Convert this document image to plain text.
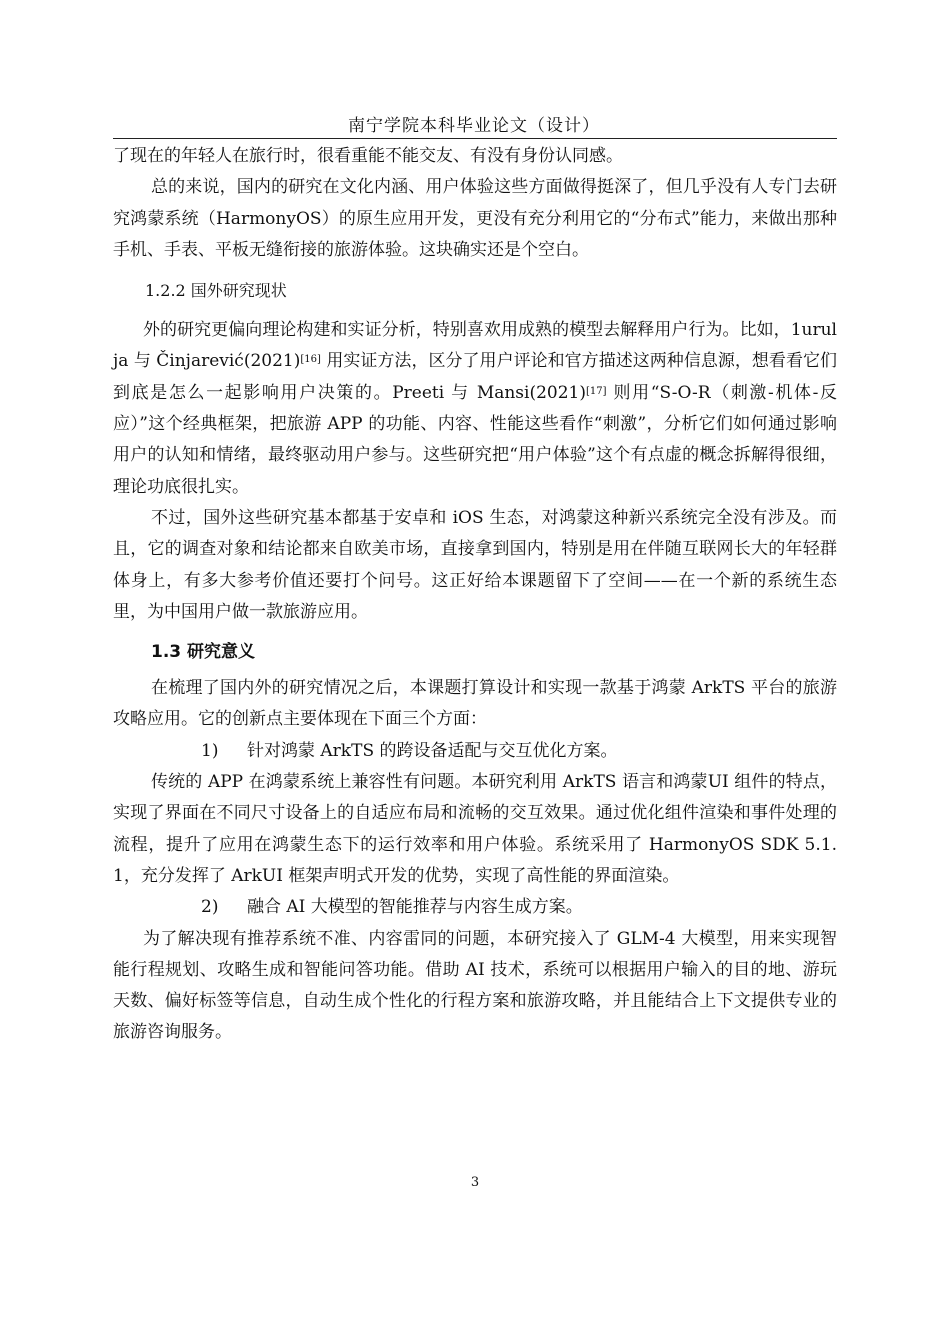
南宁学院本科毕业论文（设计）

了现在的年轻人在旅行时，很看重能不能交友、有没有身份认同感。

总的来说，国内的研究在文化内涵、用户体验这些方面做得挺深了，但几乎没有人专门去研究鸿蒙系统（HarmonyOS）的原生应用开发，更没有充分利用它的“分布式”能力，来做出那种手机、手表、平板无缝衔接的旅游体验。这块确实还是个空白。

1.2.2 国外研究现状

外的研究更偏向理论构建和实证分析，特别喜欢用成熟的模型去解释用户行为。比如，1urulja 与 Činjarević(2021)[16] 用实证方法，区分了用户评论和官方描述这两种信息源，想看看它们到底是怎么一起影响用户决策的。Preeti 与 Mansi(2021)[17] 则用“S-O-R（刺激-机体-反应）”这个经典框架，把旅游 APP 的功能、内容、性能这些看作“刺激”，分析它们如何通过影响用户的认知和情绪，最终驱动用户参与。这些研究把“用户体验”这个有点虚的概念拆解得很细，理论功底很扎实。

不过，国外这些研究基本都基于安卓和 iOS 生态，对鸿蒙这种新兴系统完全没有涉及。而且，它的调查对象和结论都来自欧美市场，直接拿到国内，特别是用在伴随互联网长大的年轻群体身上，有多大参考价值还要打个问号。这正好给本课题留下了空间——在一个新的系统生态里，为中国用户做一款旅游应用。

1.3 研究意义

在梳理了国内外的研究情况之后，本课题打算设计和实现一款基于鸿蒙 ArkTS 平台的旅游攻略应用。它的创新点主要体现在下面三个方面：

1) 针对鸿蒙 ArkTS 的跨设备适配与交互优化方案。

传统的 APP 在鸿蒙系统上兼容性有问题。本研究利用 ArkTS 语言和鸿蒙UI 组件的特点，实现了界面在不同尺寸设备上的自适应布局和流畅的交互效果。通过优化组件渲染和事件处理的流程，提升了应用在鸿蒙生态下的运行效率和用户体验。系统采用了 HarmonyOS SDK 5.1.1，充分发挥了 ArkUI 框架声明式开发的优势，实现了高性能的界面渲染。

2) 融合 AI 大模型的智能推荐与内容生成方案。

为了解决现有推荐系统不准、内容雷同的问题，本研究接入了 GLM-4 大模型，用来实现智能行程规划、攻略生成和智能问答功能。借助 AI 技术，系统可以根据用户输入的目的地、游玩天数、偏好标签等信息，自动生成个性化的行程方案和旅游攻略，并且能结合上下文提供专业的旅游咨询服务。

3
